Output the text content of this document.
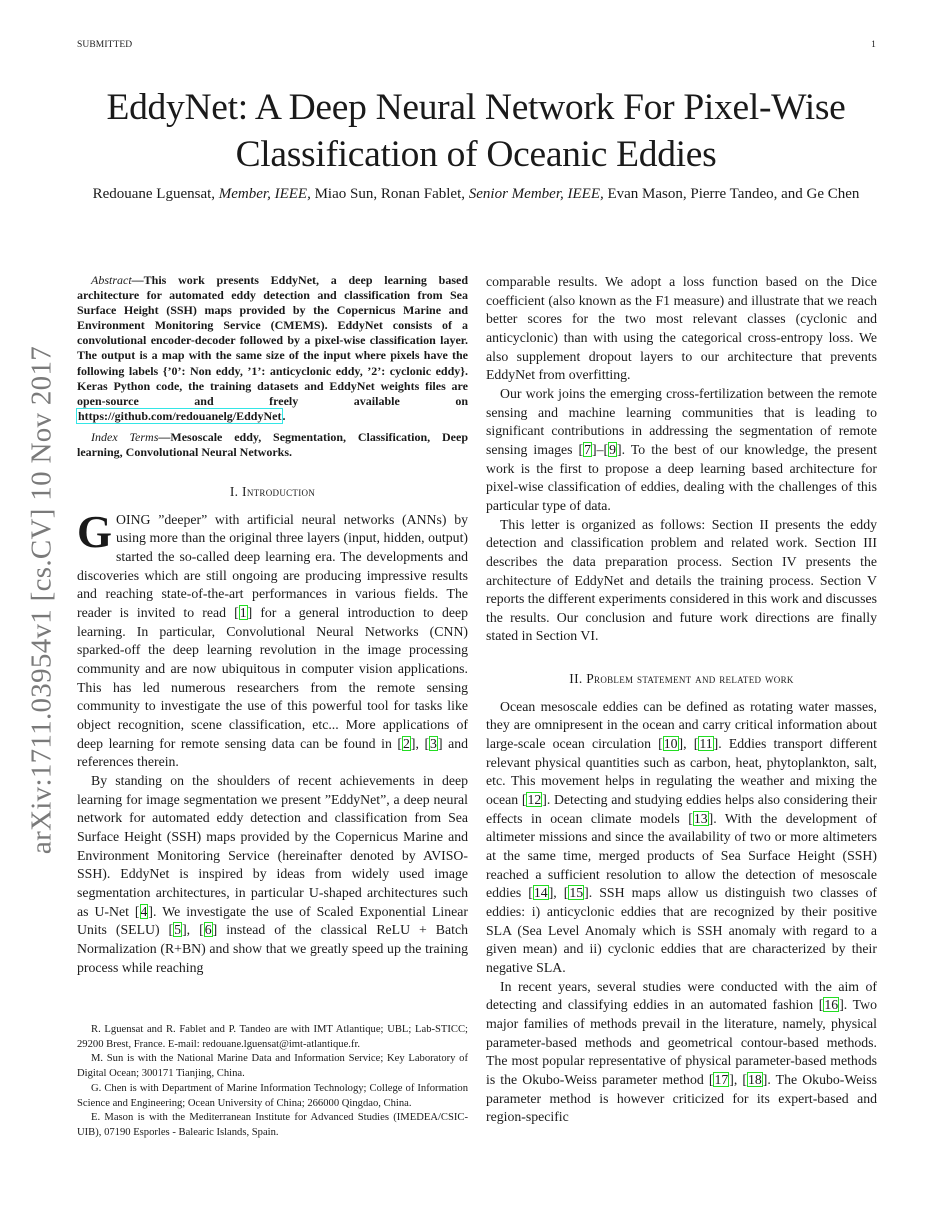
SUBMITTED	1
arXiv:1711.03954v1 [cs.CV] 10 Nov 2017
EddyNet: A Deep Neural Network For Pixel-Wise Classification of Oceanic Eddies
Redouane Lguensat, Member, IEEE, Miao Sun, Ronan Fablet, Senior Member, IEEE, Evan Mason, Pierre Tandeo, and Ge Chen

Abstract—This work presents EddyNet, a deep learning based architecture for automated eddy detection and classification from Sea Surface Height (SSH) maps provided by the Copernicus Marine and Environment Monitoring Service (CMEMS). EddyNet consists of a convolutional encoder-decoder followed by a pixel-wise classification layer. The output is a map with the same size of the input where pixels have the following labels {’0’: Non eddy, ’1’: anticyclonic eddy, ’2’: cyclonic eddy}. Keras Python code, the training datasets and EddyNet weights files are open-source and freely available on https://github.com/redouanelg/EddyNet.

Index Terms—Mesoscale eddy, Segmentation, Classification, Deep learning, Convolutional Neural Networks.

I. Introduction

GOING ”deeper” with artificial neural networks (ANNs) by using more than the original three layers (input, hidden, output) started the so-called deep learning era. The developments and discoveries which are still ongoing are producing impressive results and reaching state-of-the-art performances in various fields. The reader is invited to read [1] for a general introduction to deep learning. In particular, Convolutional Neural Networks (CNN) sparked-off the deep learning revolution in the image processing community and are now ubiquitous in computer vision applications. This has led numerous researchers from the remote sensing community to investigate the use of this powerful tool for tasks like object recognition, scene classification, etc... More applications of deep learning for remote sensing data can be found in [2], [3] and references therein.

By standing on the shoulders of recent achievements in deep learning for image segmentation we present ”EddyNet”, a deep neural network for automated eddy detection and classification from Sea Surface Height (SSH) maps provided by the Copernicus Marine and Environment Monitoring Service (hereinafter denoted by AVISO-SSH). EddyNet is inspired by ideas from widely used image segmentation architectures, in particular U-shaped architectures such as U-Net [4]. We investigate the use of Scaled Exponential Linear Units (SELU) [5], [6] instead of the classical ReLU + Batch Normalization (R+BN) and show that we greatly speed up the training process while reaching

R. Lguensat and R. Fablet and P. Tandeo are with IMT Atlantique; UBL; Lab-STICC; 29200 Brest, France. E-mail: redouane.lguensat@imt-atlantique.fr.

M. Sun is with the National Marine Data and Information Service; Key Laboratory of Digital Ocean; 300171 Tianjing, China.

G. Chen is with Department of Marine Information Technology; College of Information Science and Engineering; Ocean University of China; 266000 Qingdao, China.

E. Mason is with the Mediterranean Institute for Advanced Studies (IMEDEA/CSIC-UIB), 07190 Esporles - Balearic Islands, Spain.

comparable results. We adopt a loss function based on the Dice coefficient (also known as the F1 measure) and illustrate that we reach better scores for the two most relevant classes (cyclonic and anticyclonic) than with using the categorical cross-entropy loss. We also supplement dropout layers to our architecture that prevents EddyNet from overfitting.

Our work joins the emerging cross-fertilization between the remote sensing and machine learning communities that is leading to significant contributions in addressing the segmentation of remote sensing images [7]–[9]. To the best of our knowledge, the present work is the first to propose a deep learning based architecture for pixel-wise classification of eddies, dealing with the challenges of this particular type of data.

This letter is organized as follows: Section II presents the eddy detection and classification problem and related work. Section III describes the data preparation process. Section IV presents the architecture of EddyNet and details the training process. Section V reports the different experiments considered in this work and discusses the results. Our conclusion and future work directions are finally stated in Section VI.

II. Problem statement and related work

Ocean mesoscale eddies can be defined as rotating water masses, they are omnipresent in the ocean and carry critical information about large-scale ocean circulation [10], [11]. Eddies transport different relevant physical quantities such as carbon, heat, phytoplankton, salt, etc. This movement helps in regulating the weather and mixing the ocean [12]. Detecting and studying eddies helps also considering their effects in ocean climate models [13]. With the development of altimeter missions and since the availability of two or more altimeters at the same time, merged products of Sea Surface Height (SSH) reached a sufficient resolution to allow the detection of mesoscale eddies [14], [15]. SSH maps allow us distinguish two classes of eddies: i) anticyclonic eddies that are recognized by their positive SLA (Sea Level Anomaly which is SSH anomaly with regard to a given mean) and ii) cyclonic eddies that are characterized by their negative SLA.

In recent years, several studies were conducted with the aim of detecting and classifying eddies in an automated fashion [16]. Two major families of methods prevail in the literature, namely, physical parameter-based methods and geometrical contour-based methods. The most popular representative of physical parameter-based methods is the Okubo-Weiss parameter method [17], [18]. The Okubo-Weiss parameter method is however criticized for its expert-based and region-specific
